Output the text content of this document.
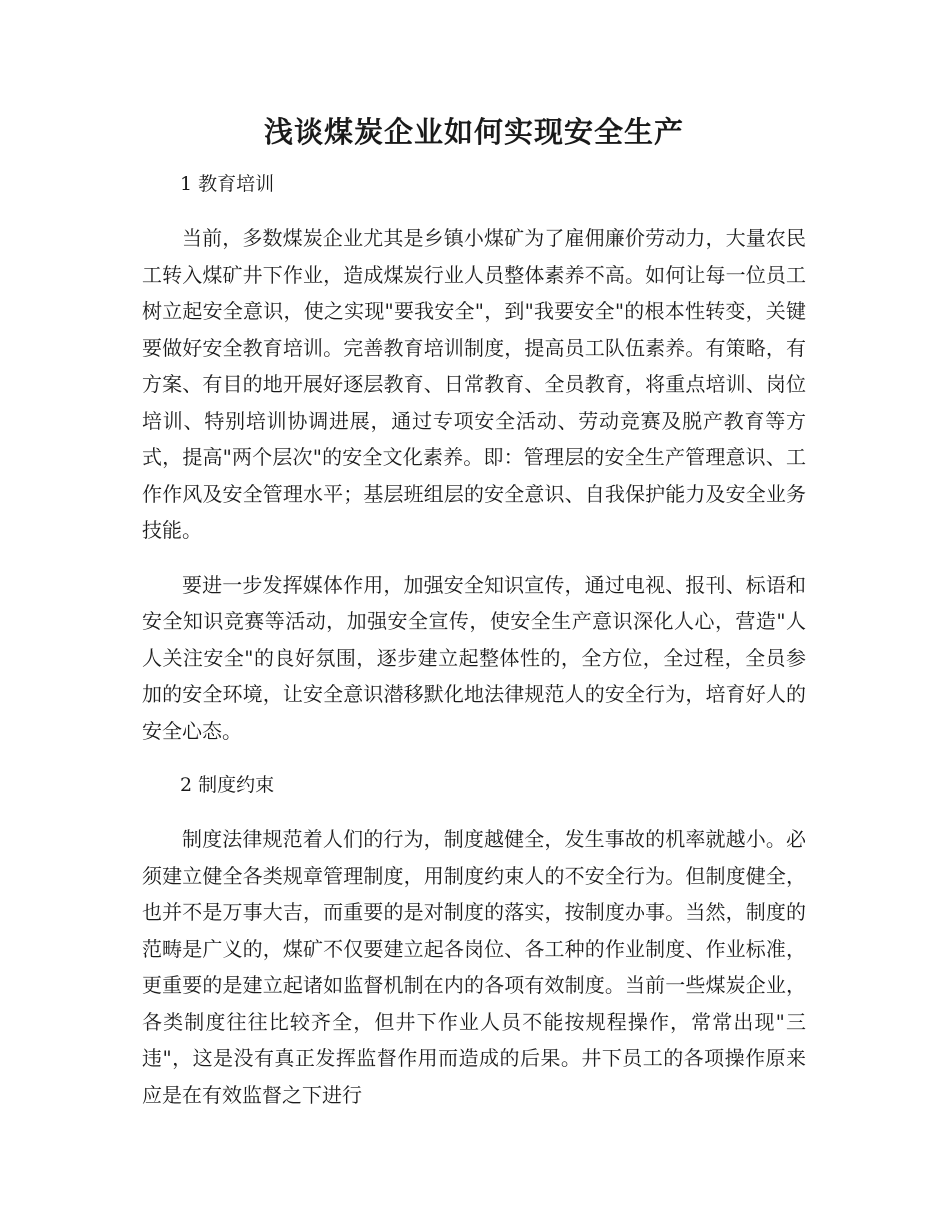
浅谈煤炭企业如何实现安全生产
1 教育培训

当前，多数煤炭企业尤其是乡镇小煤矿为了雇佣廉价劳动力，大量农民工转入煤矿井下作业，造成煤炭行业人员整体素养不高。如何让每一位员工树立起安全意识，使之实现"要我安全"，到"我要安全"的根本性转变，关键要做好安全教育培训。完善教育培训制度，提高员工队伍素养。有策略，有方案、有目的地开展好逐层教育、日常教育、全员教育，将重点培训、岗位培训、特别培训协调进展，通过专项安全活动、劳动竞赛及脱产教育等方式，提高"两个层次"的安全文化素养。即：管理层的安全生产管理意识、工作作风及安全管理水平；基层班组层的安全意识、自我保护能力及安全业务技能。

要进一步发挥媒体作用，加强安全知识宣传，通过电视、报刊、标语和安全知识竞赛等活动，加强安全宣传，使安全生产意识深化人心，营造"人人关注安全"的良好氛围，逐步建立起整体性的，全方位，全过程，全员参加的安全环境，让安全意识潜移默化地法律规范人的安全行为，培育好人的安全心态。

2 制度约束

制度法律规范着人们的行为，制度越健全，发生事故的机率就越小。必须建立健全各类规章管理制度，用制度约束人的不安全行为。但制度健全，也并不是万事大吉，而重要的是对制度的落实，按制度办事。当然，制度的范畴是广义的，煤矿不仅要建立起各岗位、各工种的作业制度、作业标准，更重要的是建立起诸如监督机制在内的各项有效制度。当前一些煤炭企业，各类制度往往比较齐全，但井下作业人员不能按规程操作，常常出现"三违"，这是没有真正发挥监督作用而造成的后果。井下员工的各项操作原来应是在有效监督之下进行
